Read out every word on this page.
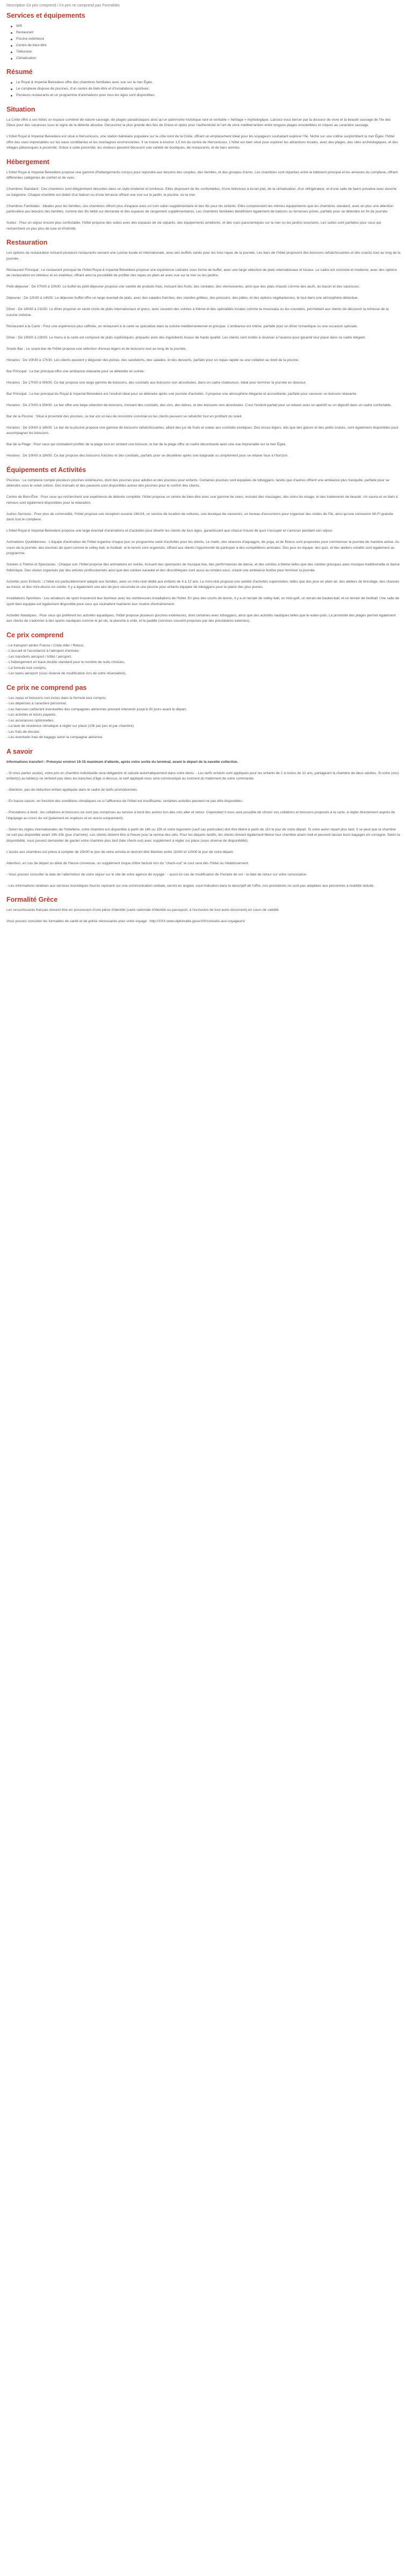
Description Ce prix comprend / Ce prix ne comprend pas Formalités
Services et équipements
Wifi
Restaurant
Piscine extérieure
Centre de bien-être
Télévision
Climatisation
Résumé
Le Royal & Imperial Belvedere offre des chambres familiales avec vue sur la mer Égée.
Le complexe dispose de piscines, d'un centre de bien-être et d'installations sportives.
Plusieurs restaurants et un programme d'animations pour tous les âges sont disponibles.
Situation

La Crète offre à ses hôtes un espace combiné de nature sauvage, de plages paradisiaques ainsi qu'un patrimoine historique rare et veritable « héritage » mythologique. Laissez-vous bercer par la douceur de vivre et la beauté sauvage de l'île des Dieux pour des vacances sous le signe de la détente absolue. Découvrez la plus grande des îles de Grèce et optez pour l'authenticité et l'art de vivre méditerranéen entre longues plages ensoleillées et criques au caractère sauvage.

L'hôtel Royal & Imperial Belvedere est situé à Hersonissos, une station balnéaire populaire sur la côte nord de la Crète, offrant un emplacement idéal pour les voyageurs souhaitant explorer l'île. Niché sur une colline surplombant la mer Égée, l'hôtel offre des vues imprenables sur les eaux scintillantes et les montagnes environnantes. Il se trouve à environ 1,5 km du centre de Hersonissos. L'hôtel est bien situé pour explorer les attractions locales, avec des plages, des sites archéologiques, et des villages pittoresques à proximité. Grâce à cette proximité, les visiteurs peuvent découvrir une variété de boutiques, de restaurants, et de bars animés.

Hébergement

L'hôtel Royal & Imperial Belvedere propose une gamme d'hébergements conçus pour répondre aux besoins des couples, des familles, et des groupes d'amis. Les chambres sont réparties entre le bâtiment principal et les annexes du complexe, offrant différentes catégories de confort et de vues.

Chambres Standard : Ces chambres sont élégamment décorées dans un style moderne et lumineux. Elles disposent de lits confortables, d'une télévision à écran plat, de la climatisation, d'un réfrigérateur, et d'une salle de bains privative avec douche ou baignoire. Chaque chambre est dotée d'un balcon ou d'une terrasse offrant une vue sur le jardin, la piscine, ou la mer.

Chambres Familiales : Idéales pour les familles, ces chambres offrent plus d'espace avec un coin salon supplémentaire et des lits pour les enfants. Elles comprennent les mêmes équipements que les chambres standard, avec en plus une attention particulière aux besoins des familles, comme des lits bébé sur demande et des espaces de rangement supplémentaires. Les chambres familiales bénéficient également de balcons ou terrasses privés, parfaits pour se détendre en fin de journée.

Suites : Pour un séjour encore plus confortable, l'hôtel propose des suites avec des espaces de vie séparés, des équipements améliorés, et des vues panoramiques sur la mer ou les jardins luxuriants. Les suites sont parfaites pour ceux qui recherchent un peu plus de luxe et d'intimité.

Restauration

Les options de restauration incluent plusieurs restaurants servant une cuisine locale et internationale, avec des buffets variés pour les trois repas de la journée. Les bars de l'hôtel proposent des boissons rafraîchissantes et des snacks tout au long de la journée.

Restaurant Principal : Le restaurant principal de l'hôtel Royal & Imperial Belvedere propose une expérience culinaire sous forme de buffet, avec une large sélection de plats internationaux et locaux. Le cadre est convivial et moderne, avec des options de restauration en intérieur et en extérieur, offrant ainsi la possibilité de profiter des repas en plein air avec vue sur la mer ou les jardins.

Petit-déjeuner : De 07h00 à 10h00. Le buffet du petit-déjeuner propose une variété de produits frais, incluant des fruits, des céréales, des viennoiseries, ainsi que des plats chauds comme des œufs, du bacon et des saucisses.

Déjeuner : De 12h30 à 14h30. Le déjeuner buffet offre un large éventail de plats, avec des salades fraîches, des viandes grillées, des poissons, des pâtes, et des options végétariennes, le tout dans une atmosphère détendue.

Dîner : De 18h30 à 21h30. Le dîner propose un vaste choix de plats internationaux et grecs, avec souvent des soirées à thème et des spécialités locales comme la moussaka ou les souvlakis, permettant aux clients de découvrir la richesse de la cuisine crétoise.

Restaurant à la Carte : Pour une expérience plus raffinée, un restaurant à la carte se spécialise dans la cuisine méditerranéenne et grecque. L'ambiance est intime, parfaite pour un dîner romantique ou une occasion spéciale.

Dîner : De 19h00 à 22h00. Le menu à la carte est composé de plats sophistiqués, préparés avec des ingrédients locaux de haute qualité. Les clients sont invités à réserver à l'avance pour garantir leur place dans ce cadre élégant.

Snack-Bar : Le snack-bar de l'hôtel propose une sélection d'encas légers et de boissons tout au long de la journée.

Horaires : De 10h30 à 17h30. Les clients peuvent y déguster des pizzas, des sandwichs, des salades, et des desserts, parfaits pour un repas rapide ou une collation au bord de la piscine.

Bar Principal : Le bar principal offre une ambiance relaxante pour se détendre en soirée.

Horaires : De 17h00 à 00h00. Ce bar propose une large gamme de boissons, des cocktails aux boissons non alcoolisées, dans un cadre chaleureux. Idéal pour terminer la journée en douceur.

Bar Principal : Le bar principal du Royal & Imperial Belvedere est l'endroit idéal pour se détendre après une journée d'activités. Il propose une atmosphère élégante et accueillante, parfaite pour savourer un boisson relaxante.

Horaires : De 17h00 à 00h00. Le bar offre une large sélection de boissons, incluant des cocktails, des vins, des bières, et des boissons non alcoolisées. C'est l'endroit parfait pour se relaxer avec un apéritif ou un digestif dans un cadre confortable.

Bar de la Piscine : Situé à proximité des piscines, ce bar est un lieu de rencontre convivial où les clients peuvent se rafraîchir tout en profitant du soleil.

Horaires : De 10h00 à 18h00. Le bar de la piscine propose une gamme de boissons rafraîchissantes, allant des jus de fruits et sodas aux cocktails exotiques. Des encas légers, tels que des glaces et des petits snacks, sont également disponibles pour accompagner les boissons.

Bar de la Plage : Pour ceux qui souhaitent profiter de la plage tout en sirotant une boisson, le bar de la plage offre un cadre décontracté avec une vue imprenable sur la mer Égée.

Horaires : De 10h00 à 18h00. Ce bar propose des boissons fraîches et des cocktails, parfaits pour se désaltérer après une baignade ou simplement pour se relaxer face à l'horizon.

Équipements et Activités

Piscines : Le complexe compte plusieurs piscines extérieures, dont des piscines pour adultes et des piscines pour enfants. Certaines piscines sont équipées de toboggans, tandis que d'autres offrent une ambiance plus tranquille, parfaite pour se détendre sous le soleil crétois. Des transats et des parasols sont disponibles autour des piscines pour le confort des clients.

Centre de Bien-Être : Pour ceux qui recherchent une expérience de détente complète, l'hôtel propose un centre de bien-être avec une gamme de soins, incluant des massages, des soins du visage, et des traitements de beauté. Un sauna et un bain à remous sont également disponibles pour la relaxation.

Autres Services : Pour plus de commodité, l'hôtel propose une réception ouverte 24h/24, un service de location de voitures, une boutique de souvenirs, un bureau d'excursions pour organiser des visites de l'île, ainsi qu'une connexion Wi-Fi gratuite dans tout le complexe.

L'hôtel Royal & Imperial Belvedere propose une large éventail d'animations et d'activités pour divertir les clients de tous âges, garantissant que chacun trouve de quoi s'occuper et s'amuser pendant son séjour.

Animations Quotidiennes : L'équipe d'animation de l'hôtel organise chaque jour un programme varié d'activités pour les clients. Le matin, des séances d'aquagym, de yoga, et de fitness sont proposées pour commencer la journée de manière active. Au cours de la journée, des tournois de sport comme le volley-ball, le football, et le tennis sont organisés, offrant aux clients l'opportunité de participer à des compétitions amicales. Des jeux en équipe, des quiz, et des ateliers créatifs sont également au programme.

Soirées à Thème et Spectacles : Chaque soir, l'hôtel propose des animations en soirée, incluant des spectacles de musique live, des performances de danse, et des soirées à thème telles que des soirées grecques avec musique traditionnelle et danse folklorique. Des shows organisés par des artistes professionnels ainsi que des soirées karaoké et des discothèques sont aussi au rendez-vous, créant une ambiance festive pour terminer la journée.

Activités pour Enfants : L'hôtel est particulièrement adapté aux familles, avec un mini-club dédié aux enfants de 4 à 12 ans. Le mini-club propose une variété d'activités supervisées, telles que des jeux en plein air, des ateliers de bricolage, des chasses au trésor, et des mini-discos en soirée. Il y a également une aire de jeux sécurisée et une piscine pour enfants équipée de toboggans pour le plaisir des plus jeunes.

Installations Sportives : Les amateurs de sport trouveront leur bonheur avec les nombreuses installations de l'hôtel. En plus des courts de tennis, il y a un terrain de volley-ball, un mini-golf, un terrain de basket-ball, et un terrain de football. Une salle de sport bien équipée est également disponible pour ceux qui souhaitent maintenir leur routine d'entraînement.

Activités Nautiques : Pour ceux qui préfèrent les activités aquatiques, l'hôtel propose plusieurs piscines extérieures, dont certaines avec toboggans, ainsi que des activités nautiques telles que le water-polo. La proximité des plages permet également aux clients de s'adonner à des sports nautiques comme le jet-ski, la planche à voile, et le paddle (services souvent proposés par des prestataires externes).

Ce prix comprend
- Le transport aérien France / Crète Aller / Retour,
- L'accueil et l'assistance à l'aéroport d'arrivée,
- Les transferts aéroport / hôtel / aéroport,
- L'hébergement en base double standard pour le nombre de nuits choisies,
- La formule tout compris,
- Les taxes aéroport (sous réserve de modification lors de votre réservation).
Ce prix ne comprend pas
- Les repas et boissons non inclus dans la formule tout compris,
- Les dépenses à caractère personnel,
- Les hausses carburant éventuelles des compagnies aériennes pouvant intervenir jusqu'à 30 jours avant le départ,
- Les activités et loisirs payants,
- Les assurances optionnelles,
- La taxe de résidence climatique à régler sur place (10€ par jour et par chambre)
- Les frais de dossier,
- Les éventuels frais de bagage selon la compagnie aérienne.
A savoir

Informations transfert : Prévoyez environ 15-15 maximum d'attente, après votre sortie du terminal, avant le départ de la navette collective.

- Si vous partez seul(e), votre prix en chambre individuelle sera obligatoire et calculé automatiquement dans votre devis. - Les tarifs enfants sont appliqués pour les enfants de 2 à moins de 12 ans, partageant la chambre de deux adultes. Si votre (vos) enfant(s) au bébé(s) ne rentrent pas dans les tranches d'âge ci-dessus, le tarif appliqué vous sera communiqué au moment du traitement de votre commande.

- Attention, pas de réduction enfant appliquée dans le cadre de tarifs promotionnels.

- En basse saison, en fonction des conditions climatiques ou si l'affluence de l'hôtel est insuffisante, certaines activités peuvent ne pas être disponibles.

- Prestations à bord : les collations et boissons ne sont pas comprises au service à bord des avions lors des vols aller et retour. Cependant il vous sera possible de choisir vos collations et boissons proposés à la carte, à régler directement auprès de l'équipage au cours du vol (paiement en espèces et en euros uniquement).

- Selon les règles internationales de l'hôtellerie, votre chambre est disponible à partir de 14h ou 15h et votre logement (sauf cas particulier) doit être libéré à partir de 11h le jour de votre départ. Si votre avion repart plus tard. Il se peut que la chambre ne soit pas disponible avant 14h-15h (jour d'arrivée). Les clients doivent être à l'heure pour la remise des clés. Pour les départs tardifs, les clients doivent également libérer leur chambre avant midi et peuvent laisser leurs bagages en consigne. Selon la disponibilité, vous pouvez demander de garder votre chambre plus tard (late check-out) avec supplément à régler sur place (sous réserve de disponibilité).

L'accès aux chambres est prévu à compter de 15h00 le jour de votre arrivée et devront être libérées entre 11h00 et 12h00 le jour de votre départ.

Attention, en cas de départ ou délai de l'heure convenue, un supplément risque d'être facturé lors du "check-out" le cout sera dès l'hôtel ou l'établissement.

- Vous pouvez consulter la date de l'aller/retour de votre séjour sur le site de votre agence de voyage : - aussi en cas de modification de l'horaire de vol - la date de retour sur votre convocation.

- Les informations relatives aux services touristiques fournis reposent sur une communication verbale, seront en anglais -soul indication dans le descriptif de l'offre, nos prestations ne sont pas adaptées aux personnes à mobilité réduite.

Formalité Grèce

Les ressortissants français doivent être en possession d'une pièce d'identité (carte nationale d'identité ou passeport, à l'exclusion de tout autre document) en cours de validité.

Vous pouvez consulter les formalités de santé et de police nécessaires pour votre voyage : http://XXX.www.diplomatie.gouv.fr/fr/conseils-aux-voyageurs/
